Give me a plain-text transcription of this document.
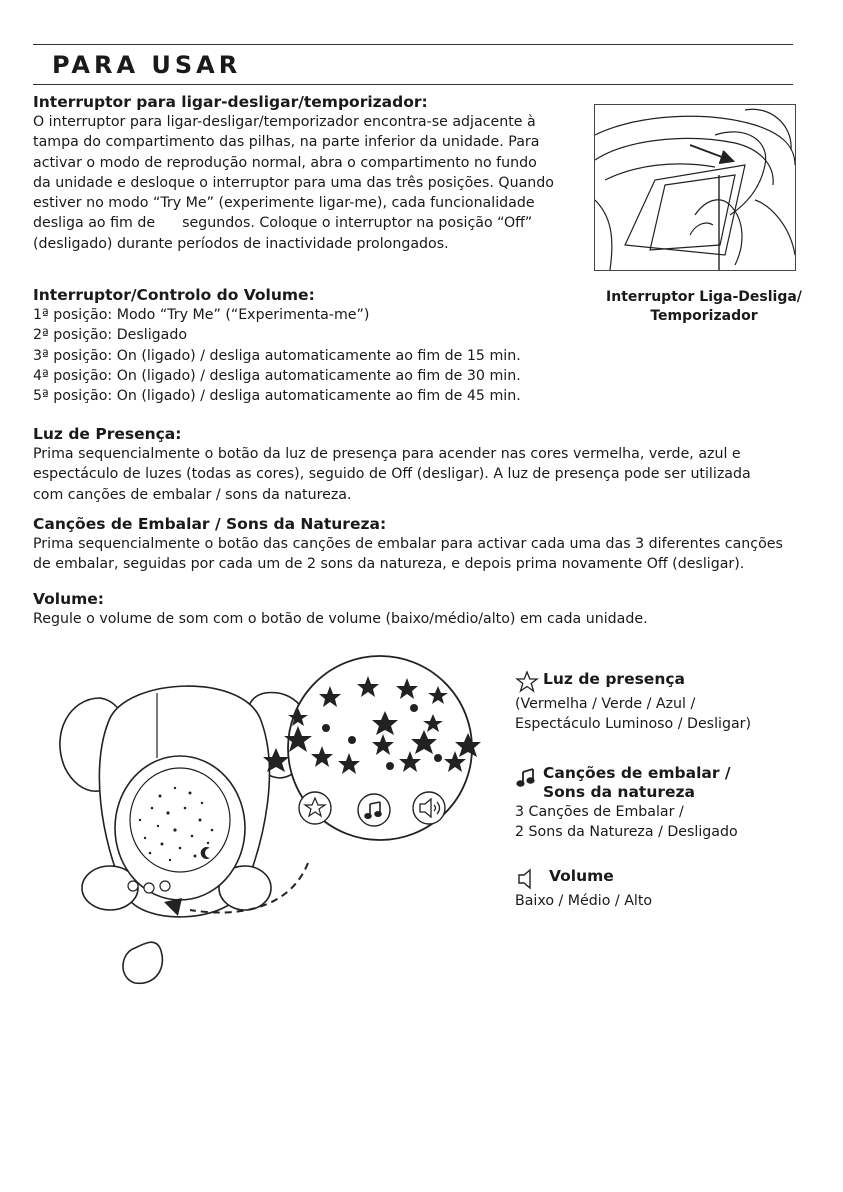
PARA USAR
Interruptor para ligar-desligar/temporizador:
O interruptor para ligar-desligar/temporizador encontra-se adjacente à
tampa do compartimento das pilhas, na parte inferior da unidade. Para
activar o modo de reprodução normal, abra o compartimento no fundo
da unidade e desloque o interruptor para uma das três posições. Quando
estiver no modo “Try Me” (experimente ligar-me), cada funcionalidade
desliga ao fim de      segundos. Coloque o interruptor na posição “Off”
(desligado) durante períodos de inactividade prolongados.
Interruptor Liga-Desliga/
Temporizador
Interruptor/Controlo do Volume:
1ª posição: Modo “Try Me” (“Experimenta-me”)
2ª posição: Desligado
3ª posição: On (ligado) / desliga automaticamente ao fim de 15 min.
4ª posição: On (ligado) / desliga automaticamente ao fim de 30 min.
5ª posição: On (ligado) / desliga automaticamente ao fim de 45 min.
Luz de Presença:
Prima sequencialmente o botão da luz de presença para acender nas cores vermelha, verde, azul e
espectáculo de luzes (todas as cores), seguido de Off (desligar). A luz de presença pode ser utilizada
com canções de embalar / sons da natureza.
Canções de Embalar / Sons da Natureza:
Prima sequencialmente o botão das canções de embalar para activar cada uma das 3 diferentes canções
de embalar, seguidas por cada um de 2 sons da natureza, e depois prima novamente Off (desligar).
Volume:
Regule o volume de som com o botão de volume (baixo/médio/alto) em cada unidade.
Luz de presença
(Vermelha / Verde / Azul /
Espectáculo Luminoso / Desligar)
Canções de embalar /
Sons da natureza
3 Canções de Embalar /
2 Sons da Natureza / Desligado
Volume
Baixo / Médio / Alto
